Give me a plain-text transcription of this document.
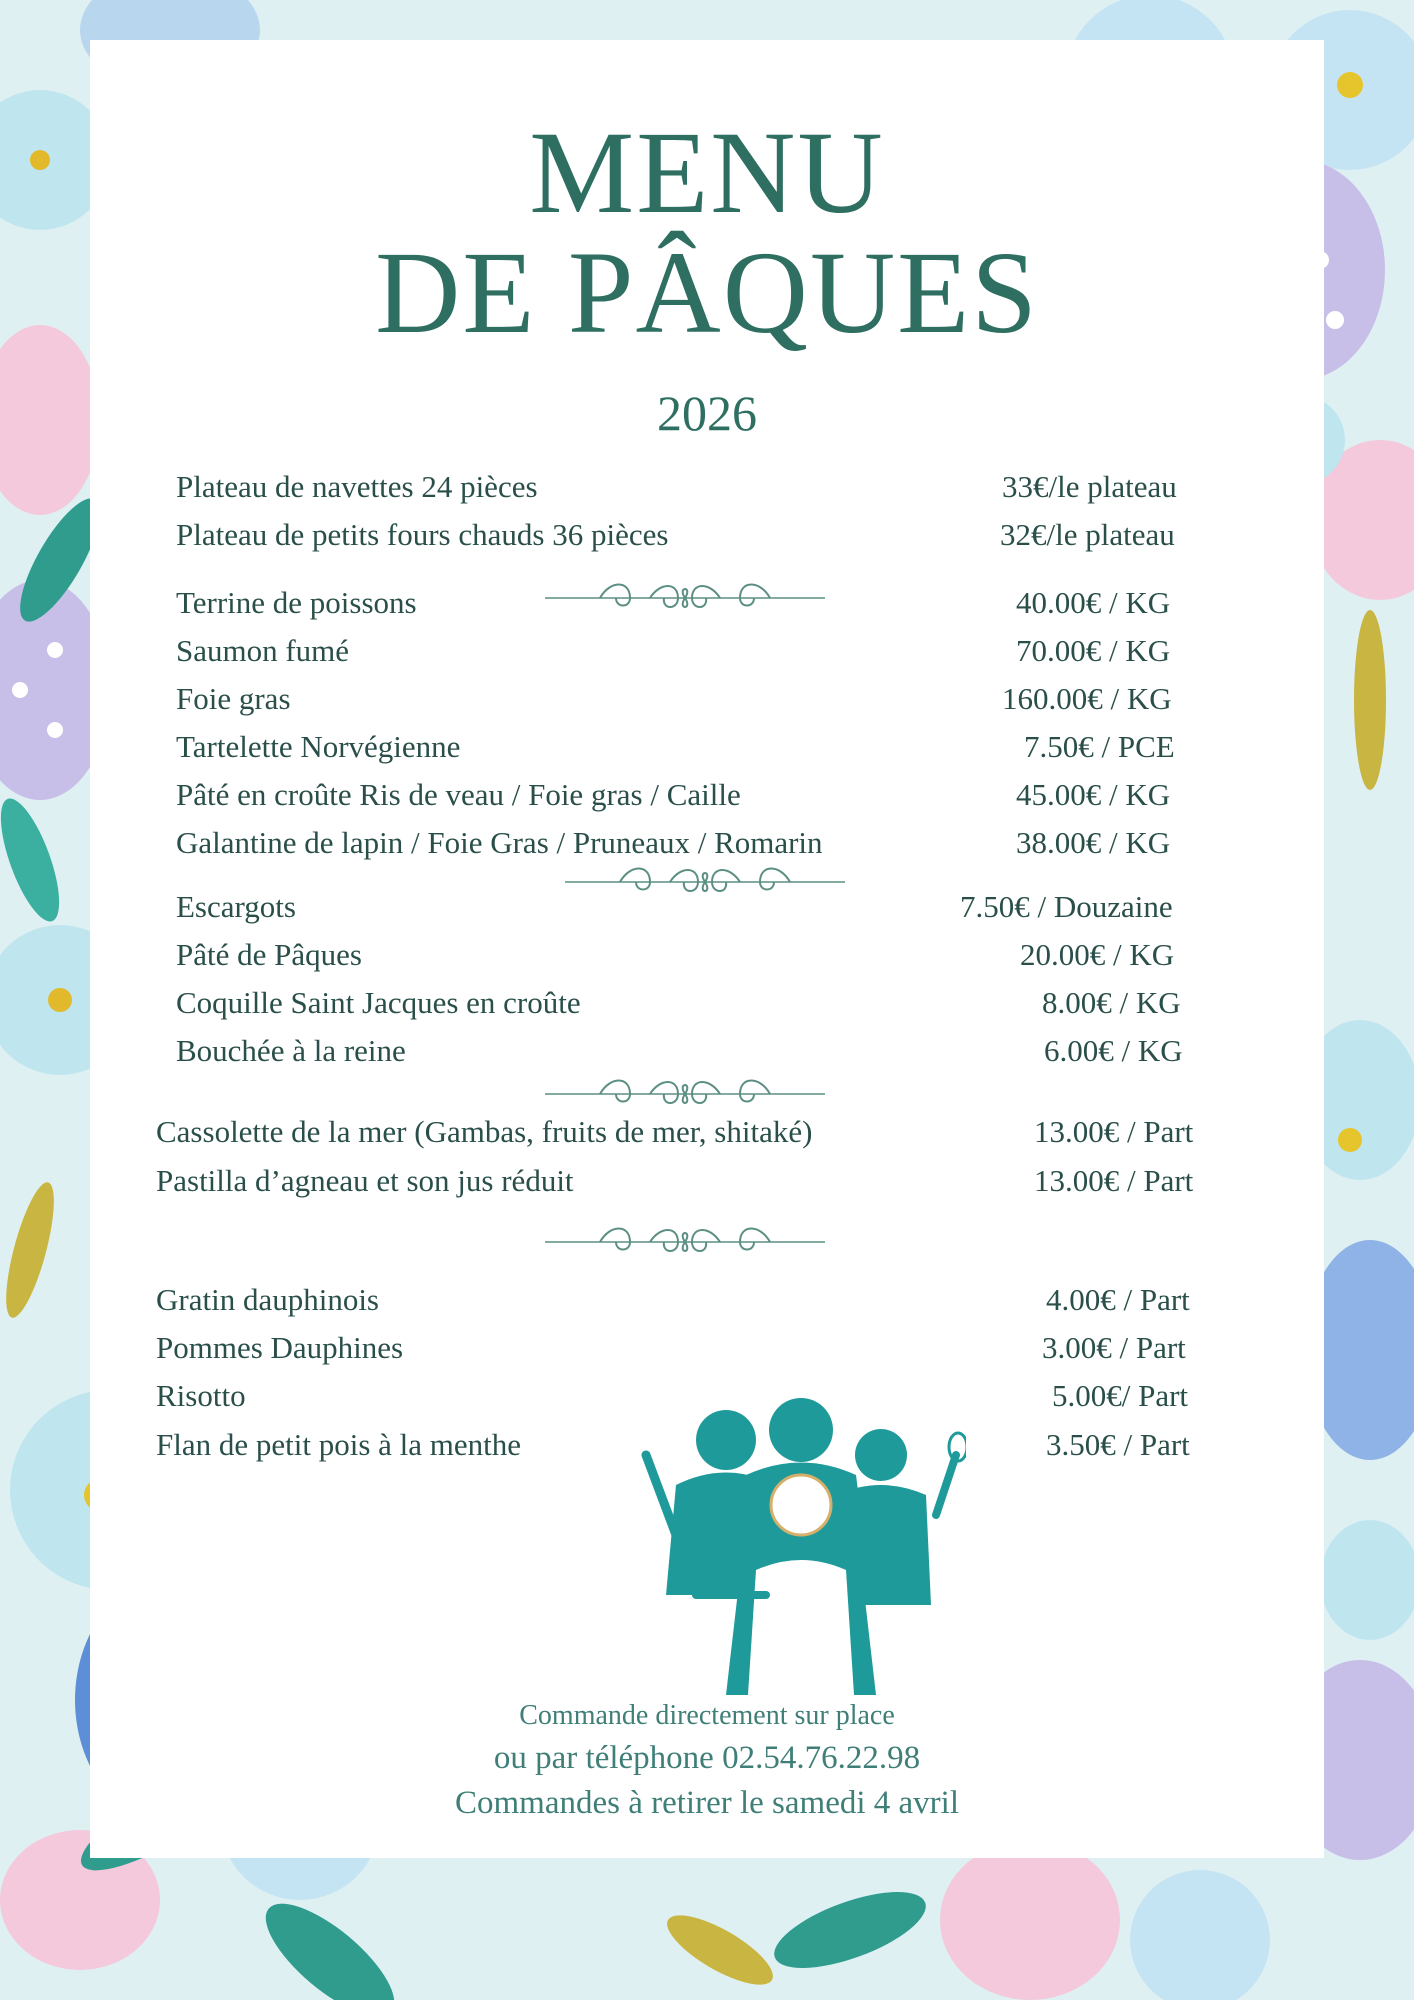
MENU
DE PÂQUES
2026
Plateau de navettes 24 pièces	33€/le plateau
Plateau de petits fours chauds 36 pièces	32€/le plateau
Terrine de poissons	40.00€ / KG
Saumon fumé	70.00€ / KG
Foie gras	160.00€ / KG
Tartelette Norvégienne	7.50€ / PCE
Pâté en croûte Ris de veau / Foie gras / Caille	45.00€ / KG
Galantine de lapin / Foie Gras / Pruneaux / Romarin	38.00€ / KG
Escargots	7.50€ / Douzaine
Pâté de Pâques	20.00€ / KG
Coquille Saint Jacques en croûte	8.00€ / KG
Bouchée à la reine	6.00€ / KG
Cassolette de la mer (Gambas, fruits de mer, shitaké)	13.00€ / Part
Pastilla d’agneau et son jus réduit	13.00€ / Part
Gratin dauphinois	4.00€ / Part
Pommes Dauphines	3.00€ / Part
Risotto	5.00€/ Part
Flan de petit pois à la menthe	3.50€ / Part
Commande directement sur place
ou par téléphone 02.54.76.22.98
Commandes à retirer le samedi 4 avril
